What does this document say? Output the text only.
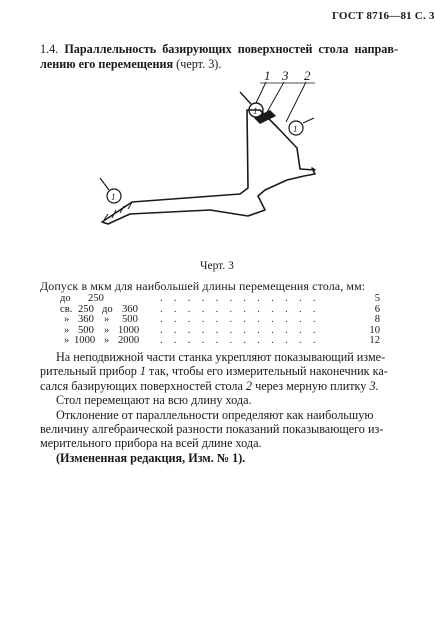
ГОСТ 8716—81 С. 3
1.4. Параллельность базирующих поверхностей стола направ- лению его перемещения (черт. 3).
1 3 2
1
1
1
Черт. 3
Допуск в мкм для наибольшей длины перемещения стола, мм:
до 250	. . . . . . . . . . . .	5
св. 250 до 360 . . . . . . . . . . . .	6
» 360 » 500 . . . . . . . . . . . .	8
» 500 » 1000 . . . . . . . . . . . .	10
» 1000 » 2000 . . . . . . . . . . . .	12

На неподвижной части станка укрепляют показывающий изме- рительный прибор 1 так, чтобы его измерительный наконечник ка- сался базирующих поверхностей стола 2 через мерную плитку 3.

Стол перемещают на всю длину хода.

Отклонение от параллельности определяют как наибольшую величину алгебраической разности показаний показывающего из- мерительного прибора на всей длине хода.

(Измененная редакция, Изм. № 1).
